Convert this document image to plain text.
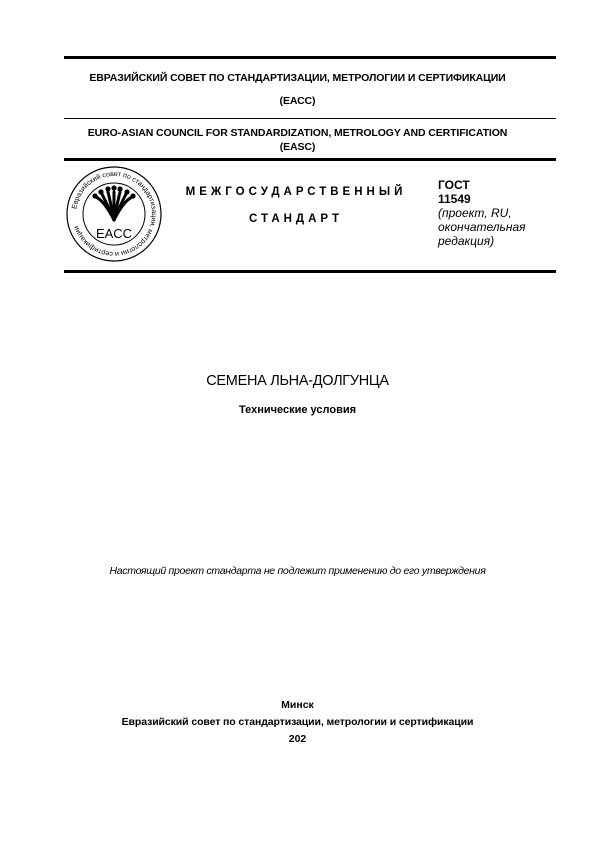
ЕВРАЗИЙСКИЙ СОВЕТ ПО СТАНДАРТИЗАЦИИ, МЕТРОЛОГИИ И СЕРТИФИКАЦИИ
(ЕАСС)
EURO-ASIAN COUNCIL FOR STANDARDIZATION, METROLOGY AND CERTIFICATION
(EASC)
Евразийский совет по стандартизации, метрологии и сертификации	EACC
МЕЖГОСУДАРСТВЕННЫЙ
СТАНДАРТ
ГОСТ
11549
(проект, RU,
окончательная
редакция)
СЕМЕНА ЛЬНА-ДОЛГУНЦА
Технические условия
Настоящий проект стандарта не подлежит применению до его утверждения
Минск
Евразийский совет по стандартизации, метрологии и сертификации
202
